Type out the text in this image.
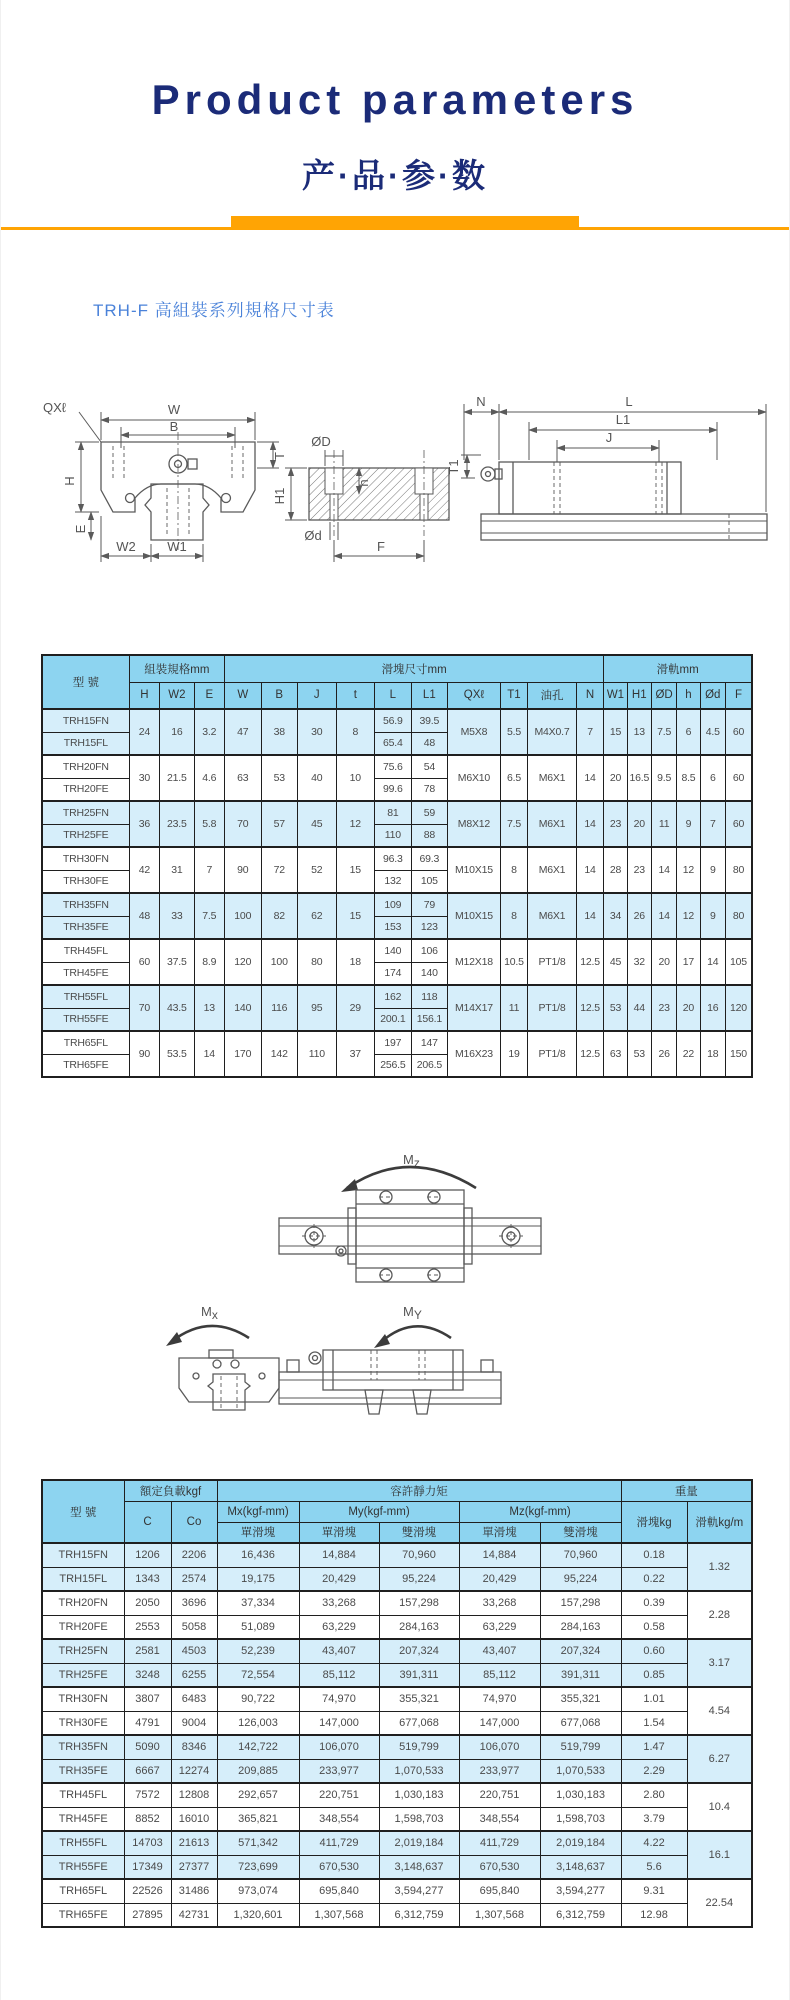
Product parameters
产·品·参·数
TRH-F 高組裝系列規格尺寸表
QXℓ	W
B
H
E
W2 W1
T
ØD
H1
h
Ød
F
N	L
L1
J
T1
型 號	組裝規格mm			滑塊尺寸mm										滑軌mm					
	H	W2	E	W	B	J	t	L	L1	QXℓ	T1	油孔	N	W1	H1	ØD	h	Ød	F
TRH15FN	24	16	3.2	47	38	30	8	56.9	39.5	M5X8	5.5	M4X0.7	7	15	13	7.5	6	4.5	60
TRH15FL								65.4	48										
TRH20FN	30	21.5	4.6	63	53	40	10	75.6	54	M6X10	6.5	M6X1	14	20	16.5	9.5	8.5	6	60
TRH20FE								99.6	78										
TRH25FN	36	23.5	5.8	70	57	45	12	81	59	M8X12	7.5	M6X1	14	23	20	11	9	7	60
TRH25FE								110	88										
TRH30FN	42	31	7	90	72	52	15	96.3	69.3	M10X15	8	M6X1	14	28	23	14	12	9	80
TRH30FE								132	105										
TRH35FN	48	33	7.5	100	82	62	15	109	79	M10X15	8	M6X1	14	34	26	14	12	9	80
TRH35FE								153	123										
TRH45FL	60	37.5	8.9	120	100	80	18	140	106	M12X18	10.5	PT1/8	12.5	45	32	20	17	14	105
TRH45FE								174	140										
TRH55FL	70	43.5	13	140	116	95	29	162	118	M14X17	11	PT1/8	12.5	53	44	23	20	16	120
TRH55FE								200.1	156.1										
TRH65FL	90	53.5	14	170	142	110	37	197	147	M16X23	19	PT1/8	12.5	63	53	26	22	18	150
TRH65FE								256.5	206.5										
Mz
Mx	MY
型 號	額定負載kgf		容許靜力矩					重量	
	C	Co	Mx(kgf-mm)	My(kgf-mm)		Mz(kgf-mm)		滑塊kg	滑軌kg/m
			單滑塊	單滑塊	雙滑塊	單滑塊	雙滑塊		
TRH15FN	1206	2206	16,436	14,884	70,960	14,884	70,960	0.18	1.32
TRH15FL	1343	2574	19,175	20,429	95,224	20,429	95,224	0.22	
TRH20FN	2050	3696	37,334	33,268	157,298	33,268	157,298	0.39	2.28
TRH20FE	2553	5058	51,089	63,229	284,163	63,229	284,163	0.58	
TRH25FN	2581	4503	52,239	43,407	207,324	43,407	207,324	0.60	3.17
TRH25FE	3248	6255	72,554	85,112	391,311	85,112	391,311	0.85	
TRH30FN	3807	6483	90,722	74,970	355,321	74,970	355,321	1.01	4.54
TRH30FE	4791	9004	126,003	147,000	677,068	147,000	677,068	1.54	
TRH35FN	5090	8346	142,722	106,070	519,799	106,070	519,799	1.47	6.27
TRH35FE	6667	12274	209,885	233,977	1,070,533	233,977	1,070,533	2.29	
TRH45FL	7572	12808	292,657	220,751	1,030,183	220,751	1,030,183	2.80	10.4
TRH45FE	8852	16010	365,821	348,554	1,598,703	348,554	1,598,703	3.79	
TRH55FL	14703	21613	571,342	411,729	2,019,184	411,729	2,019,184	4.22	16.1
TRH55FE	17349	27377	723,699	670,530	3,148,637	670,530	3,148,637	5.6	
TRH65FL	22526	31486	973,074	695,840	3,594,277	695,840	3,594,277	9.31	22.54
TRH65FE	27895	42731	1,320,601	1,307,568	6,312,759	1,307,568	6,312,759	12.98	
